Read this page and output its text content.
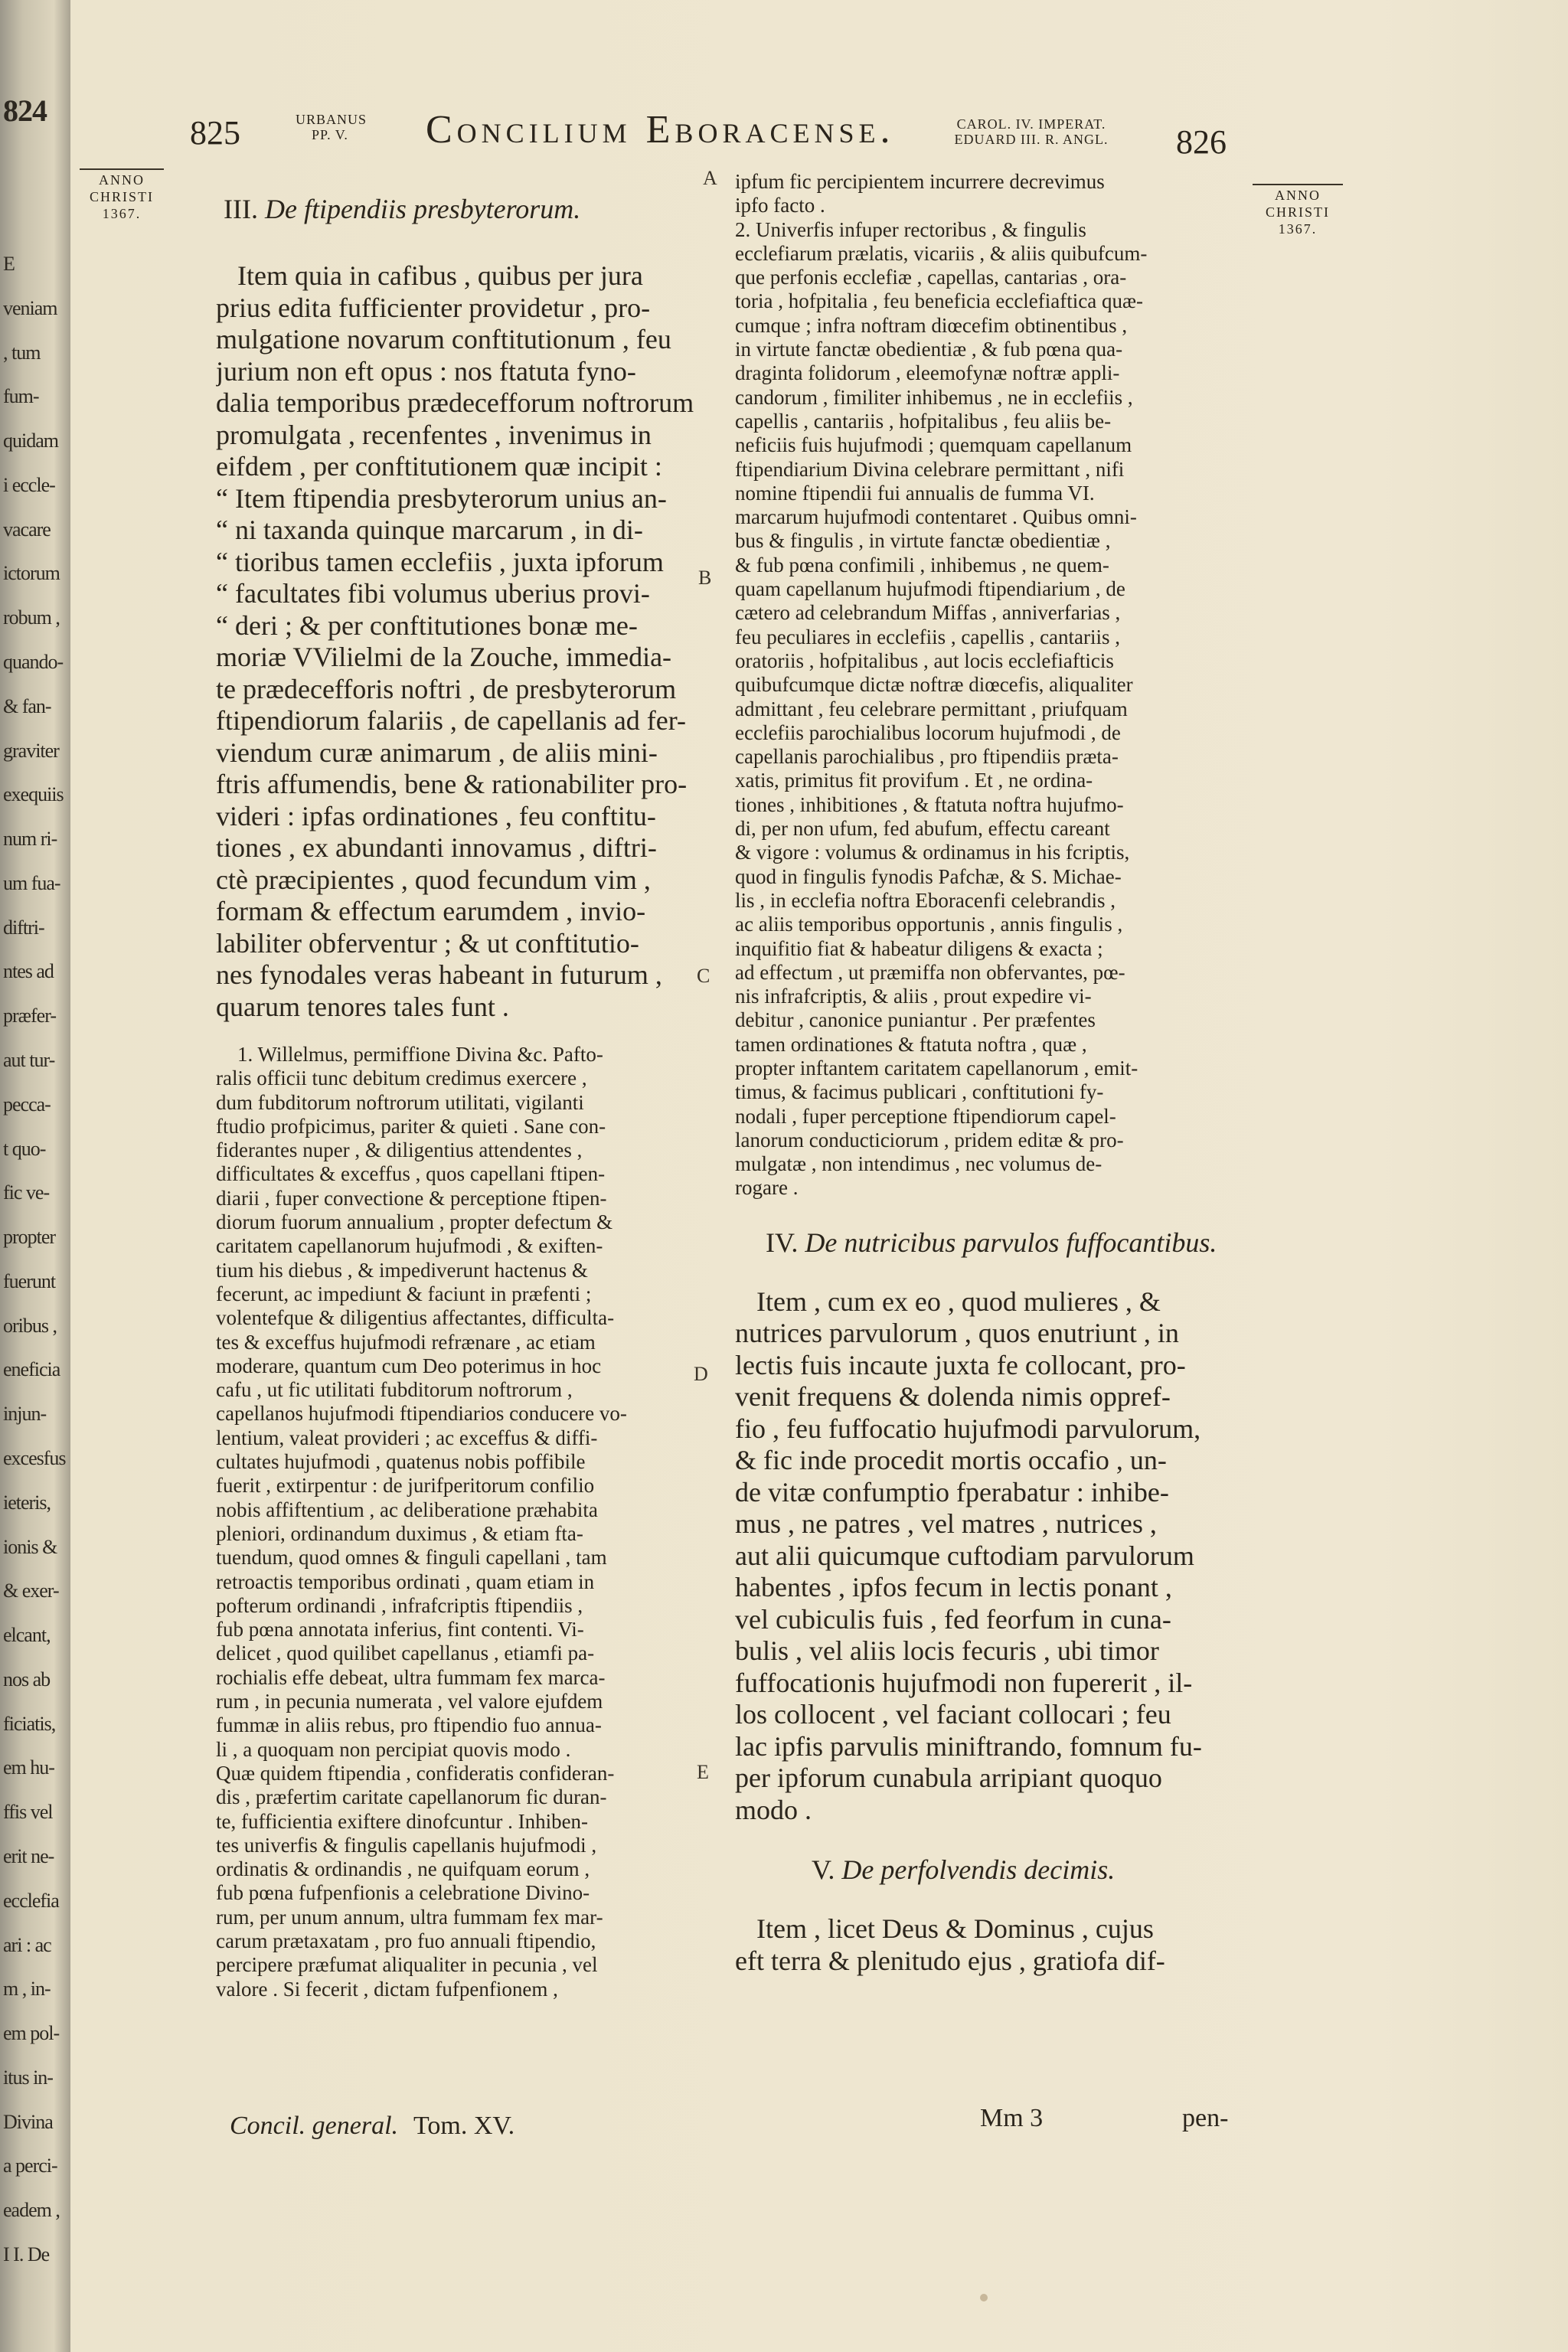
824
E
veniam
, tum
fum-
quidam
i eccle-
vacare
ictorum
robum ,
quando-
& fan-
graviter
exequiis
num ri-
um fua-
diftri-
ntes ad
præfer-
aut tur-
pecca-
t quo-
fic ve-
propter
fuerunt
oribus ,
eneficia
injun-
excesfus
ieteris,
ionis &
& exer-
elcant,
nos ab
ficiatis,
em hu-
ffis vel
erit ne-
ecclefia
ari : ac
m , in-
em pol-
itus in-
Divina
a perci-
eadem ,
I I. De
825	URBANUS
PP. V.	Concilium Eboracense.	CAROL. IV. IMPERAT.
EDUARD III. R. ANGL.	826
ANNO
CHRISTI
1367.
ANNO
CHRISTI
1367.
A
B
C
D
E
III. De ftipendiis presbyterorum.
Item quia in cafibus , quibus per jura
prius edita fufficienter providetur , pro-
mulgatione novarum conftitutionum , feu
jurium non eft opus : nos ftatuta fyno-
dalia temporibus prædecefforum noftrorum
promulgata , recenfentes , invenimus in
eifdem , per conftitutionem quæ incipit :
“ Item ftipendia presbyterorum unius an-
“ ni taxanda quinque marcarum , in di-
“ tioribus tamen ecclefiis , juxta ipforum
“ facultates fibi volumus uberius provi-
“ deri ; & per conftitutiones bonæ me-
moriæ VVilielmi de la Zouche, immedia-
te prædecefforis noftri , de presbyterorum
ftipendiorum falariis , de capellanis ad fer-
viendum curæ animarum , de aliis mini-
ftris affumendis, bene & rationabiliter pro-
videri : ipfas ordinationes , feu conftitu-
tiones , ex abundanti innovamus , diftri-
ctè præcipientes , quod fecundum vim ,
formam & effectum earumdem , invio-
labiliter obferventur ; & ut conftitutio-
nes fynodales veras habeant in futurum ,
quarum tenores tales funt .
1. Willelmus, permiffione Divina &c. Pafto-
ralis officii tunc debitum credimus exercere ,
dum fubditorum noftrorum utilitati, vigilanti
ftudio profpicimus, pariter & quieti . Sane con-
fiderantes nuper , & diligentius attendentes ,
difficultates & exceffus , quos capellani ftipen-
diarii , fuper convectione & perceptione ftipen-
diorum fuorum annualium , propter defectum &
caritatem capellanorum hujufmodi , & exiften-
tium his diebus , & impediverunt hactenus &
fecerunt, ac impediunt & faciunt in præfenti ;
volentefque & diligentius affectantes, difficulta-
tes & exceffus hujufmodi refrænare , ac etiam
moderare, quantum cum Deo poterimus in hoc
cafu , ut fic utilitati fubditorum noftrorum ,
capellanos hujufmodi ftipendiarios conducere vo-
lentium, valeat provideri ; ac exceffus & diffi-
cultates hujufmodi , quatenus nobis poffibile
fuerit , extirpentur : de jurifperitorum confilio
nobis affiftentium , ac deliberatione præhabita
pleniori, ordinandum duximus , & etiam fta-
tuendum, quod omnes & finguli capellani , tam
retroactis temporibus ordinati , quam etiam in
pofterum ordinandi , infrafcriptis ftipendiis ,
fub pœna annotata inferius, fint contenti. Vi-
delicet , quod quilibet capellanus , etiamfi pa-
rochialis effe debeat, ultra fummam fex marca-
rum , in pecunia numerata , vel valore ejufdem
fummæ in aliis rebus, pro ftipendio fuo annua-
li , a quoquam non percipiat quovis modo .
Quæ quidem ftipendia , confideratis confideran-
dis , præfertim caritate capellanorum fic duran-
te, fufficientia exiftere dinofcuntur . Inhiben-
tes univerfis & fingulis capellanis hujufmodi ,
ordinatis & ordinandis , ne quifquam eorum ,
fub pœna fufpenfionis a celebratione Divino-
rum, per unum annum, ultra fummam fex mar-
carum prætaxatam , pro fuo annuali ftipendio,
percipere præfumat aliqualiter in pecunia , vel
valore . Si fecerit , dictam fufpenfionem ,
Concil. general. Tom. XV.
ipfum fic percipientem incurrere decrevimus
ipfo facto .
2. Univerfis infuper rectoribus , & fingulis
ecclefiarum prælatis, vicariis , & aliis quibufcum-
que perfonis ecclefiæ , capellas, cantarias , ora-
toria , hofpitalia , feu beneficia ecclefiaftica quæ-
cumque ; infra noftram diœcefim obtinentibus ,
in virtute fanctæ obedientiæ , & fub pœna qua-
draginta folidorum , eleemofynæ noftræ appli-
candorum , fimiliter inhibemus , ne in ecclefiis ,
capellis , cantariis , hofpitalibus , feu aliis be-
neficiis fuis hujufmodi ; quemquam capellanum
ftipendiarium Divina celebrare permittant , nifi
nomine ftipendii fui annualis de fumma VI.
marcarum hujufmodi contentaret . Quibus omni-
bus & fingulis , in virtute fanctæ obedientiæ ,
& fub pœna confimili , inhibemus , ne quem-
quam capellanum hujufmodi ftipendiarium , de
cætero ad celebrandum Miffas , anniverfarias ,
feu peculiares in ecclefiis , capellis , cantariis ,
oratoriis , hofpitalibus , aut locis ecclefiafticis
quibufcumque dictæ noftræ diœcefis, aliqualiter
admittant , feu celebrare permittant , priufquam
ecclefiis parochialibus locorum hujufmodi , de
capellanis parochialibus , pro ftipendiis præta-
xatis, primitus fit provifum . Et , ne ordina-
tiones , inhibitiones , & ftatuta noftra hujufmo-
di, per non ufum, fed abufum, effectu careant
& vigore : volumus & ordinamus in his fcriptis,
quod in fingulis fynodis Pafchæ, & S. Michae-
lis , in ecclefia noftra Eboracenfi celebrandis ,
ac aliis temporibus opportunis , annis fingulis ,
inquifitio fiat & habeatur diligens & exacta ;
ad effectum , ut præmiffa non obfervantes, pœ-
nis infrafcriptis, & aliis , prout expedire vi-
debitur , canonice puniantur . Per præfentes
tamen ordinationes & ftatuta noftra , quæ ,
propter inftantem caritatem capellanorum , emit-
timus, & facimus publicari , conftitutioni fy-
nodali , fuper perceptione ftipendiorum capel-
lanorum conducticiorum , pridem editæ & pro-
mulgatæ , non intendimus , nec volumus de-
rogare .
IV. De nutricibus parvulos fuffocantibus.
Item , cum ex eo , quod mulieres , &
nutrices parvulorum , quos enutriunt , in
lectis fuis incaute juxta fe collocant, pro-
venit frequens & dolenda nimis oppref-
fio , feu fuffocatio hujufmodi parvulorum,
& fic inde procedit mortis occafio , un-
de vitæ confumptio fperabatur : inhibe-
mus , ne patres , vel matres , nutrices ,
aut alii quicumque cuftodiam parvulorum
habentes , ipfos fecum in lectis ponant ,
vel cubiculis fuis , fed feorfum in cuna-
bulis , vel aliis locis fecuris , ubi timor
fuffocationis hujufmodi non fupererit , il-
los collocent , vel faciant collocari ; feu
lac ipfis parvulis miniftrando, fomnum fu-
per ipforum cunabula arripiant quoquo
modo .
V. De perfolvendis decimis.
Item , licet Deus & Dominus , cujus
eft terra & plenitudo ejus , gratiofa dif-
Mm 3	pen-
